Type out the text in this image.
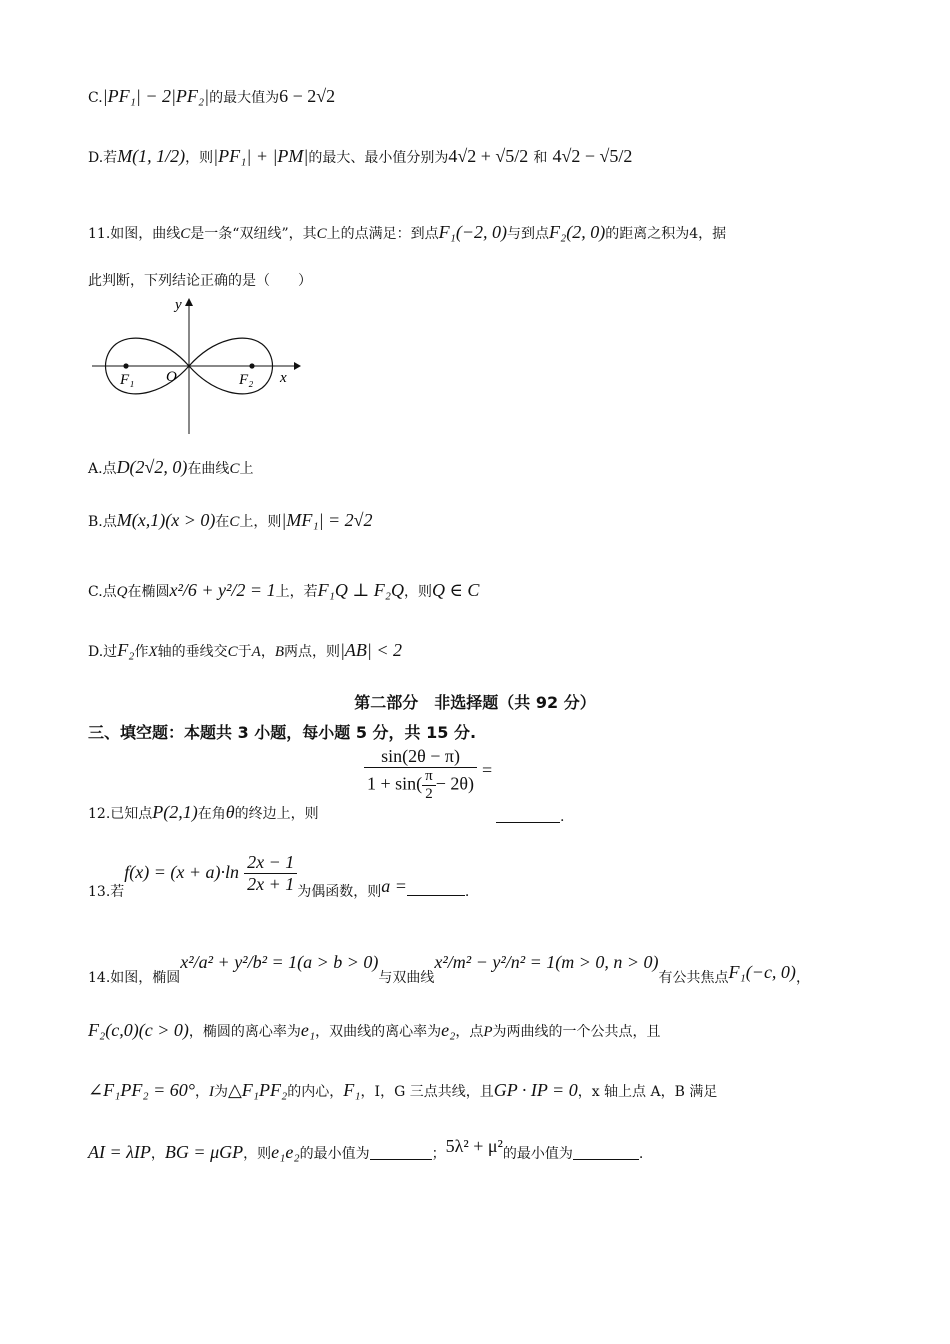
C.|PF₁| − 2|PF₂|的最大值为6 − 2√2
D.若M(1, 1/2)，则|PF₁| + |PM|的最大、最小值分别为4√2 + √5/2 和 4√2 − √5/2
11.如图，曲线C是一条“双纽线”，其C上的点满足：到点F₁(−2, 0)与到点F₂(2, 0)的距离之积为4，据
此判断，下列结论正确的是（　　）
y
x
O
F₁	F₂
A.点D(2√2, 0)在曲线C上
B.点M(x,1)(x > 0)在C上，则|MF₁| = 2√2
C.点Q在椭圆x²/6 + y²/2 = 1上，若F₁Q ⊥ F₂Q，则Q ∈ C
D.过F₂作X轴的垂线交C于A，B两点，则|AB| < 2
第二部分　非选择题（共 92 分）
三、填空题：本题共 3 小题，每小题 5 分，共 15 分.
$\frac{\sin(2\theta - \pi)}{1 + \sin( \frac{\pi}{2} - 2\theta)}$ =
12.已知点P(2,1)在角θ的终边上，则	.
13.若$f(x) = (x + a)\cdot\ln \frac{2x - 1}{2x + 1}$ 为偶函数，则a =	.
14.如图，椭圆x²/a² + y²/b² = 1(a > b > 0)与双曲线x²/m² − y²/n² = 1(m > 0, n > 0)有公共焦点F₁(−c, 0)，
F₂(c,0)(c > 0)，椭圆的离心率为e₁，双曲线的离心率为e₂，点P为两曲线的一个公共点，且
∠F₁PF₂ = 60°，I为△F₁PF₂的内心，F₁，I，G 三点共线，且GP · IP = 0，x 轴上点 A，B 满足
AI = λIP，BG = μGP，则e₁e₂的最小值为	；5λ² + μ²的最小值为	.
